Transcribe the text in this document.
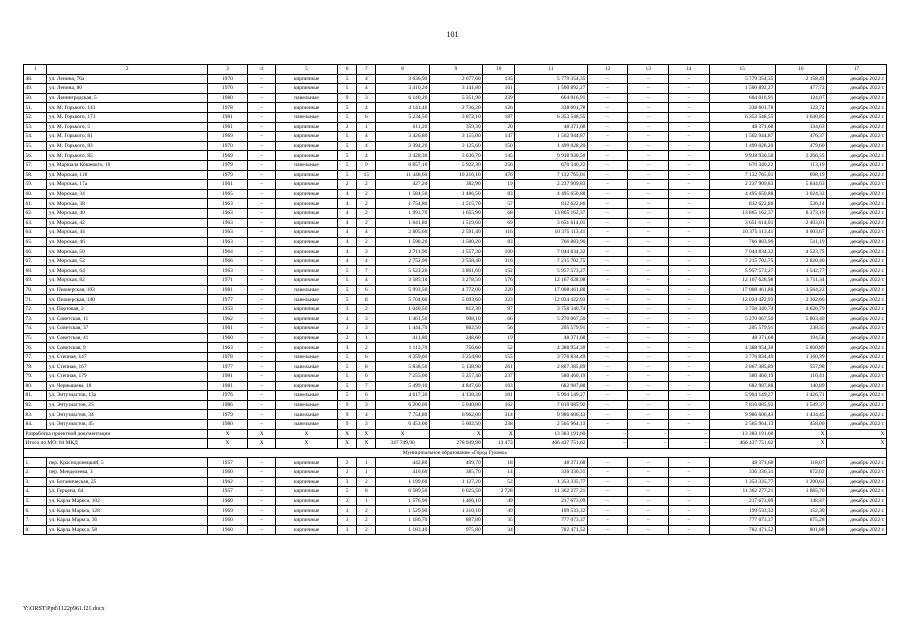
101
1	2	3	4	5	6	7	8	9	10	11	12	13	14	15	16	17
48.	ул. Ленина, 76а	1970	–	кирпичные	5	4	3 636,90	2 677,60	135	5 779 354,35	–	–	–	5 779 354,35	2 158,41	декабрь 2022 г.
49.	ул. Ленина, 80	1970	–	кирпичные	5	4	3 410,20	3 141,80	161	1 500 892,27	–	–	–	1 500 892,27	477,72	декабрь 2022 г.
50.	ул. Ленинградская, 5	1980	–	панельные	9	3	6 140,20	5 351,90	239	664 016,91	–	–	–	664 016,91	124,07	декабрь 2022 г.
51.	ул. М. Горького, 143	1978	–	кирпичные	5	4	4 141,40	2 736,30	126	338 601,78	–	–	–	338 601,78	123,74	декабрь 2022 г.
52.	ул. М. Горького, 173	1981	–	панельные	5	6	5 234,50	3 872,10	187	6 353 548,55	–	–	–	6 353 548,55	1 640,85	декабрь 2022 г.
53.	ул. М. Горького, 5	1961	–	кирпичные	2	1	611,20	359,30	20	48 371,68	–	–	–	48 371,68	134,63	декабрь 2022 г.
54.	ул. М. Горького, 81	1969	–	кирпичные	5	4	3 426,80	3 155,00	147	1 502 944,87	–	–	–	1 502 944,87	476,37	декабрь 2022 г.
55.	ул. М. Горького, 83	1970	–	кирпичные	5	4	3 394,20	3 125,60	150	1 499 028,20	–	–	–	1 499 028,20	479,60	декабрь 2022 г.
56.	ул. М. Горького, 85	1969	–	кирпичные	5	4	3 428,30	3 036,70	145	9 918 930,50	–	–	–	9 918 930,50	3 266,35	декабрь 2022 г.
57.	ул. Маршала Кошевого, 10	1979	–	панельные	5	9	6 857,10	5 922,30	256	670 340,22	–	–	–	670 340,22	113,19	декабрь 2022 г.
58.	ул. Морская, 118	1979	–	кирпичные	5	15	11 448,60	10 216,10	476	7 132 765,01	–	–	–	7 132 765,01	698,19	декабрь 2022 г.
59.	ул. Морская, 17а	1961	–	кирпичные	2	2	427,20	382,90	19	2 237 909,83	–	–	–	2 237 909,83	5 844,63	декабрь 2022 г.
60.	ул. Морская, 34	1965	–	кирпичные	4	2	1 584,50	1 486,50	83	4 495 650,88	–	–	–	4 495 650,88	3 024,32	декабрь 2022 г.
61.	ул. Морская, 38	1963	–	кирпичные	4	2	1 754,80	1 515,70	57	812 622,86	–	–	–	812 622,86	536,14	декабрь 2022 г.
62.	ул. Морская, 40	1963	–	кирпичные	4	2	1 993,70	1 655,90	68	13 865 162,37	–	–	–	13 865 162,37	8 373,19	декабрь 2022 г.
63.	ул. Морская, 42	1963	–	кирпичные	4	2	1 641,80	1 519,60	69	3 651 614,01	–	–	–	3 651 614,01	2 403,01	декабрь 2022 г.
64.	ул. Морская, 44	1963	–	кирпичные	4	4	2 805,60	2 591,40	116	10 375 113,41	–	–	–	10 375 113,41	4 003,67	декабрь 2022 г.
65.	ул. Морская, 46	1963	–	кирпичные	4	2	1 598,20	1 500,20	83	766 883,96	–	–	–	766 883,96	511,19	декабрь 2022 г.
66.	ул. Морская, 50	1964	–	кирпичные	4	3	2 711,90	1 557,30	100	7 044 834,32	–	–	–	7 044 834,32	4 523,75	декабрь 2022 г.
67.	ул. Морская, 52	1966	–	кирпичные	4	4	2 752,90	2 558,40	116	7 215 702,75	–	–	–	7 215 702,75	2 820,40	декабрь 2022 г.
68.	ул. Морская, 64	1963	–	кирпичные	5	7	5 523,20	3 861,60	152	5 957 573,27	–	–	–	5 957 573,27	1 542,77	декабрь 2022 г.
69.	ул. Морская, 82	1971	–	кирпичные	5	4	3 585,10	3 278,50	176	12 167 628,98	–	–	–	12 167 628,98	3 711,34	декабрь 2022 г.
70.	ул. Пионерская, 103	1981	–	панельные	5	6	5 993,50	4 772,00	220	17 008 461,88	–	–	–	17 008 461,88	3 564,22	декабрь 2022 г.
71.	ул. Пионерская, 140	1977	–	панельные	5	8	5 704,60	5 093,60	323	12 034 422,93	–	–	–	12 034 422,93	2 362,66	декабрь 2022 г.
72.	ул. Портовая, 2	1953	–	кирпичные	3	2	1 040,50	812,30	97	3 758 340,74	–	–	–	3 758 340,74	4 626,79	декабрь 2022 г.
73.	ул. Советская, 11	1962	–	кирпичные	3	3	1 461,50	908,10	66	5 270 067,50	–	–	–	5 270 067,50	5 803,40	декабрь 2022 г.
74.	ул. Советская, 37	1961	–	кирпичные	3	3	1 444,70	862,50	56	205 579,91	–	–	–	205 579,91	238,35	декабрь 2022 г.
75.	ул. Советская, 41	1960	–	кирпичные	2	1	411,80	248,60	19	48 371,68	–	–	–	48 371,68	194,58	декабрь 2022 г.
76.	ул. Советская, 9	1963	–	кирпичные	3	2	1 113,70	756,60	52	4 388 954,30	–	–	–	4 388 954,30	5 800,89	декабрь 2022 г.
77.	ул. Степная, 147	1978	–	панельные	5	6	4 359,60	3 254,80	155	3 776 834,49	–	–	–	3 776 834,49	1 160,39	декабрь 2022 г.
78.	ул. Степная, 167	1977	–	панельные	5	8	5 838,50	5 138,90	261	2 867 385,89	–	–	–	2 867 385,89	557,98	декабрь 2022 г.
79.	ул. Степная, 179	1981	–	кирпичные	5	6	7 255,00	5 257,40	237	580 460,19	–	–	–	580 460,19	110,41	декабрь 2022 г.
80.	ул. Чернышева, 18	1981	–	кирпичные	5	7	5 499,10	4 847,60	163	682 987,88	–	–	–	682 987,88	140,89	декабрь 2022 г.
81.	ул. Энтузиастов, 13а	1976	–	панельные	5	6	4 617,30	4 138,30	181	5 904 149,27	–	–	–	5 904 149,27	1 426,71	декабрь 2022 г.
82.	ул. Энтузиастов, 25	1986	–	панельные	9	3	6 200,00	5 040,80	162	7 810 085,92	–	–	–	7 810 085,92	1 549,37	декабрь 2022 г.
83.	ул. Энтузиастов, 34	1979	–	панельные	9	4	7 754,80	6 962,00	314	9 986 606,43	–	–	–	9 986 606,43	1 434,45	декабрь 2022 г.
84.	ул. Энтузиастов, 45	1980	–	панельные	9	3	6 453,00	5 602,50	238	2 565 964,13	–	–	–	2 565 964,13	458,00	декабрь 2022 г.
Разработка проектной документации		X	X	X	X	X	X	X	X	13 383 191,60	–	–	–	13 383 191,60	X	X
Итого по МО: 84 МКД		X	X	X	X	X	347 749,90	278 949,90	13 473	466 437 751,62	–	–	–	466 437 751,62	X	X
Муниципальное образование «Город Гуково»																
1.	пер. Краснодонецкий, 5	1957	–	кирпичные	2	1	442,80	409,70	18	48 371,68	–	–	–	48 371,68	118,07	декабрь 2022 г.
2.	пер. Менделеева, 3	1960	–	кирпичные	2	1	410,60	385,70	14	336 336,31	–	–	–	336 336,31	872,02	декабрь 2022 г.
3.	ул. Ботаническая, 25	1962	–	кирпичные	3	2	1 199,60	1 127,20	52	1 353 335,77	–	–	–	1 353 335,77	1 200,62	декабрь 2022 г.
4.	ул. Герцена, 64	1957	–	кирпичные	5	8	6 589,50	6 025,50	2 728	11 362 277,21	–	–	–	11 362 277,21	1 885,70	декабрь 2022 г.
5.	ул. Карла Маркса, 102	1960	–	кирпичные	2	1	1 576,90	1 466,10	49	217 673,09	–	–	–	217 673,09	148,47	декабрь 2022 г.
6.	ул. Карла Маркса, 128	1969	–	кирпичные	3	2	1 529,90	1 310,10	49	199 533,32	–	–	–	199 533,32	152,30	декабрь 2022 г.
7.	ул. Карла Маркса, 36	1960	–	кирпичные	3	2	1 186,70	887,80	35	777 073,37	–	–	–	777 073,37	875,28	декабрь 2022 г.
8.	ул. Карла Маркса, 58	1960	–	кирпичные	3	2	1 183,40	975,80	34	782 471,52	–	–	–	782 471,52	801,88	декабрь 2022 г.
Y:\ORST\Ppd\1122p961.f21.docx
